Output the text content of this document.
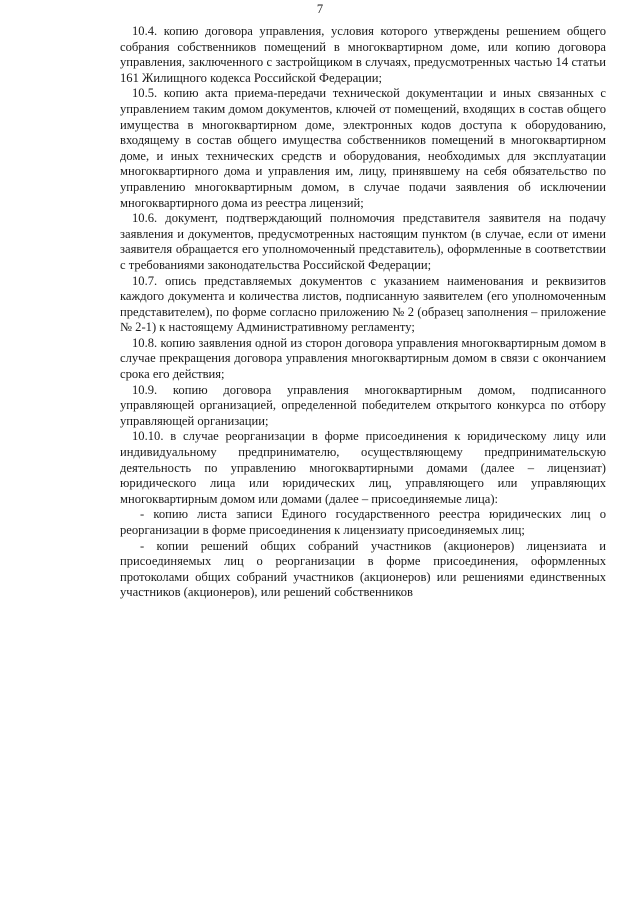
7

10.4. копию договора управления, условия которого утверждены решением общего собрания собственников помещений в многоквартирном доме, или копию договора управления, заключенного с застройщиком в случаях, предусмотренных частью 14 статьи 161 Жилищного кодекса Российской Федерации;

10.5. копию акта приема-передачи технической документации и иных связанных с управлением таким домом документов, ключей от помещений, входящих в состав общего имущества в многоквартирном доме, электронных кодов доступа к оборудованию, входящему в состав общего имущества собственников помещений в многоквартирном доме, и иных технических средств и оборудования, необходимых для эксплуатации многоквартирного дома и управления им, лицу, принявшему на себя обязательство по управлению многоквартирным домом, в случае подачи заявления об исключении многоквартирного дома из реестра лицензий;

10.6. документ, подтверждающий полномочия представителя заявителя на подачу заявления и документов, предусмотренных настоящим пунктом (в случае, если от имени заявителя обращается его уполномоченный представитель), оформленные в соответствии с требованиями законодательства Российской Федерации;

10.7. опись представляемых документов с указанием наименования и реквизитов каждого документа и количества листов, подписанную заявителем (его уполномоченным представителем), по форме согласно приложению № 2 (образец заполнения – приложение № 2-1) к настоящему Административному регламенту;

10.8. копию заявления одной из сторон договора управления многоквартирным домом в случае прекращения договора управления многоквартирным домом в связи с окончанием срока его действия;

10.9. копию договора управления многоквартирным домом, подписанного управляющей организацией, определенной победителем открытого конкурса по отбору управляющей организации;

10.10. в случае реорганизации в форме присоединения к юридическому лицу или индивидуальному предпринимателю, осуществляющему предпринимательскую деятельность по управлению многоквартирными домами (далее – лицензиат) юридического лица или юридических лиц, управляющего или управляющих многоквартирным домом или домами (далее – присоединяемые лица):

- копию листа записи Единого государственного реестра юридических лиц о реорганизации в форме присоединения к лицензиату присоединяемых лиц;

- копии решений общих собраний участников (акционеров) лицензиата и присоединяемых лиц о реорганизации в форме присоединения, оформленных протоколами общих собраний участников (акционеров) или решениями единственных участников (акционеров), или решений собственников
